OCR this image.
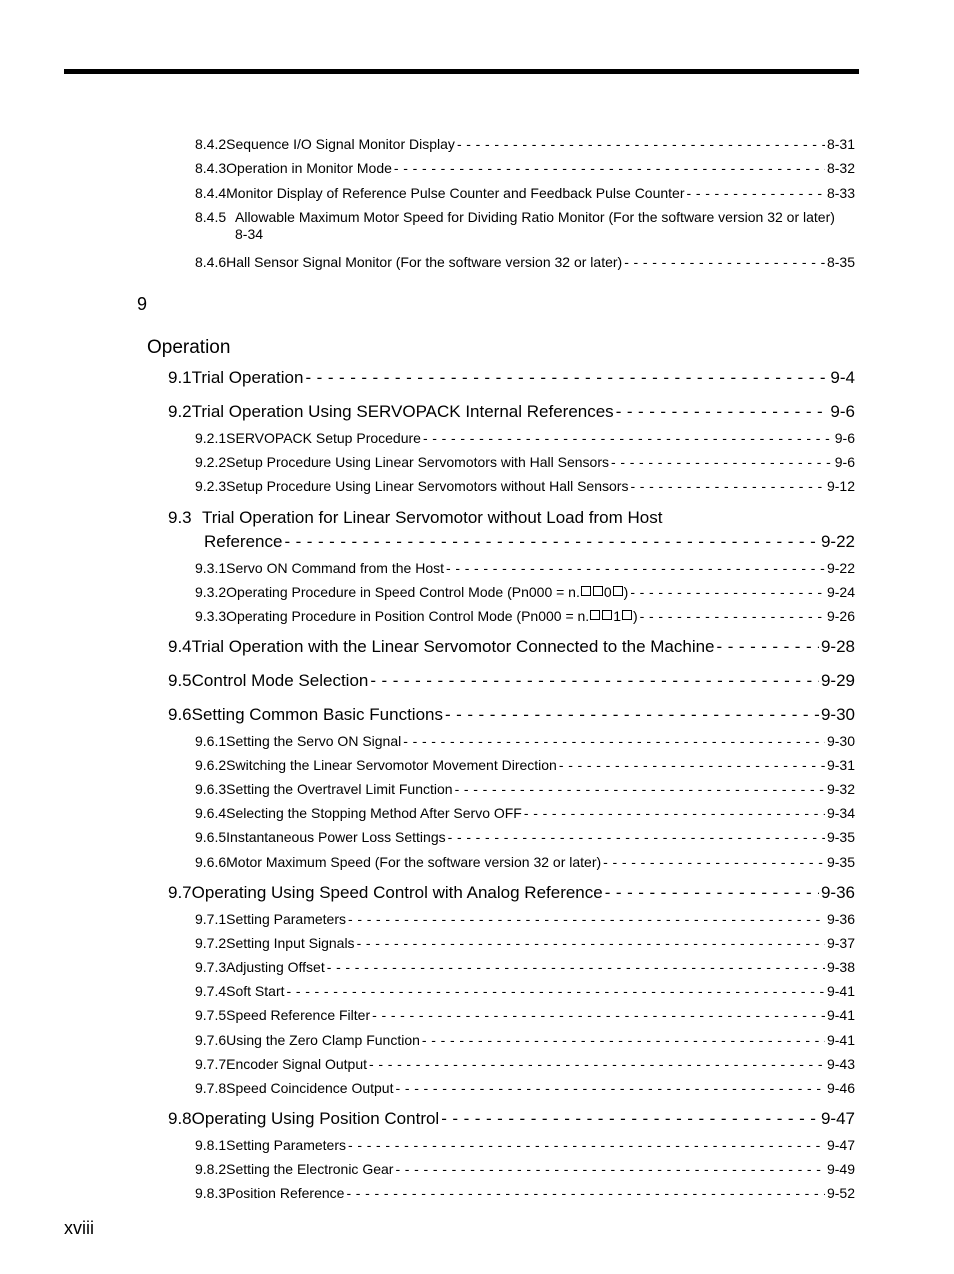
8.4.2 Sequence I/O Signal Monitor Display - - -	8-31
8.4.3 Operation in Monitor Mode - - -	8-32
8.4.4 Monitor Display of Reference Pulse Counter and Feedback Pulse Counter - - -	8-33
8.4.5 Allowable Maximum Motor Speed for Dividing Ratio Monitor (For the software version 32 or later)
8-34
8.4.6 Hall Sensor Signal Monitor (For the software version 32 or later) - - -	8-35
9
Operation
9.1 Trial Operation - - -	9-4
9.2 Trial Operation Using SERVOPACK Internal References - - -	9-6
9.2.1 SERVOPACK Setup Procedure - - -	9-6
9.2.2 Setup Procedure Using Linear Servomotors with Hall Sensors - - -	9-6
9.2.3 Setup Procedure Using Linear Servomotors without Hall Sensors - - -	9-12
9.3 Trial Operation for Linear Servomotor without Load from Host
Reference - - -	9-22
9.3.1 Servo ON Command from the Host - - -	9-22
9.3.2 Operating Procedure in Speed Control Mode (Pn000 = n. 0 ) - - -	9-24
9.3.3 Operating Procedure in Position Control Mode (Pn000 = n. 1 ) - - -	9-26
9.4 Trial Operation with the Linear Servomotor Connected to the Machine - - -	9-28
9.5 Control Mode Selection - - -	9-29
9.6 Setting Common Basic Functions - - -	9-30
9.6.1 Setting the Servo ON Signal - - -	9-30
9.6.2 Switching the Linear Servomotor Movement Direction - - -	9-31
9.6.3 Setting the Overtravel Limit Function - - -	9-32
9.6.4 Selecting the Stopping Method After Servo OFF - - -	9-34
9.6.5 Instantaneous Power Loss Settings - - -	9-35
9.6.6 Motor Maximum Speed (For the software version 32 or later) - - -	9-35
9.7 Operating Using Speed Control with Analog Reference - - -	9-36
9.7.1 Setting Parameters - - -	9-36
9.7.2 Setting Input Signals - - -	9-37
9.7.3 Adjusting Offset - - -	9-38
9.7.4 Soft Start - - -	9-41
9.7.5 Speed Reference Filter - - -	9-41
9.7.6 Using the Zero Clamp Function - - -	9-41
9.7.7 Encoder Signal Output - - -	9-43
9.7.8 Speed Coincidence Output - - -	9-46
9.8 Operating Using Position Control - - -	9-47
9.8.1 Setting Parameters - - -	9-47
9.8.2 Setting the Electronic Gear - - -	9-49
9.8.3 Position Reference - - -	9-52
xviii
